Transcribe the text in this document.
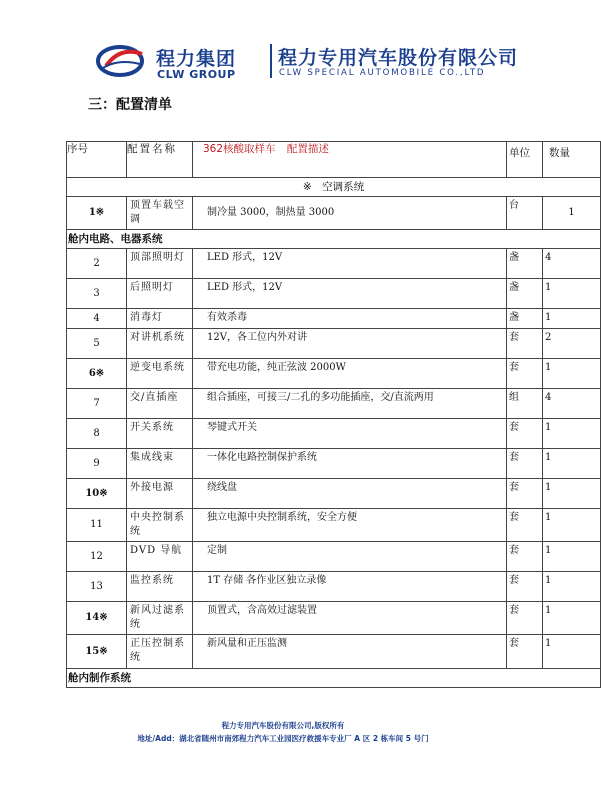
程力集团
CLW GROUP
程力专用汽车股份有限公司
CLW SPECIAL AUTOMOBILE CO.,LTD
三：配置清单
序号	配置名称	362核酸取样车 配置描述	单位	数量
※　空调系统				
1※	顶置车载空调	制冷量 3000，制热量 3000	台	1
舱内电路、电器系统				
2	顶部照明灯	LED 形式，12V	盏	4
3	后照明灯	LED 形式，12V	盏	1
4	消毒灯	有效杀毒	盏	1
5	对讲机系统	12V，各工位内外对讲	套	2
6※	逆变电系统	带充电功能，纯正弦波 2000W	套	1
7	交/直插座	组合插座，可接三/二孔的多功能插座，交/直流两用	组	4
8	开关系统	琴键式开关	套	1
9	集成线束	一体化电路控制保护系统	套	1
10※	外接电源	绕线盘	套	1
11	中央控制系统	独立电源中央控制系统，安全方便	套	1
12	DVD 导航	定制	套	1
13	监控系统	1T 存储 各作业区独立录像	套	1
14※	新风过滤系统	顶置式，含高效过滤装置	套	1
15※	正压控制系统	新风量和正压监测	套	1
舱内制作系统				
程力专用汽车股份有限公司,版权所有
地址/Add：湖北省随州市南郊程力汽车工业园医疗救援车专业厂 A 区 2 栋车间 5 号门
